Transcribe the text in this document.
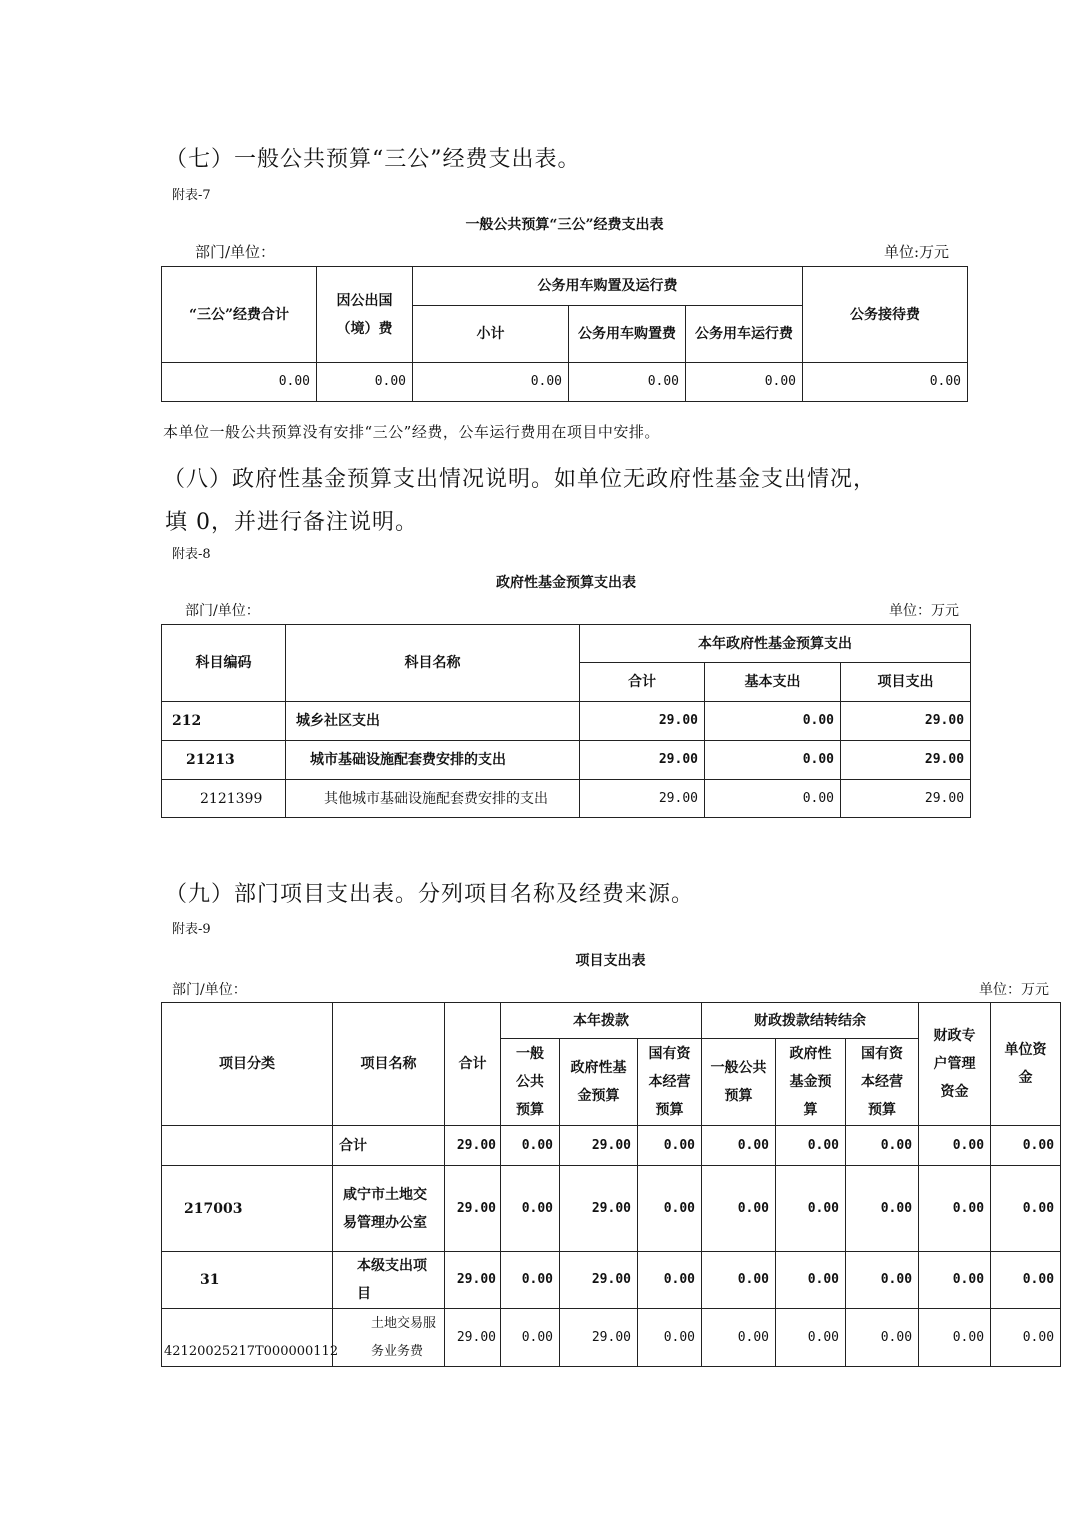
（七）一般公共预算“三公”经费支出表。
附表-7
一般公共预算“三公”经费支出表
部门/单位：	单位:万元
“三公”经费合计	因公出国（境）费	公务用车购置及运行费			公务接待费
		小计	公务用车购置费	公务用车运行费	
0.00	0.00	0.00	0.00	0.00	0.00
本单位一般公共预算没有安排“三公”经费，公车运行费用在项目中安排。
（八）政府性基金预算支出情况说明。如单位无政府性基金支出情况，
填 0，并进行备注说明。
附表-8
政府性基金预算支出表
部门/单位：	单位：万元
科目编码	科目名称	本年政府性基金预算支出		
		合计	基本支出	项目支出
212	城乡社区支出	29.00	0.00	29.00
21213	城市基础设施配套费安排的支出	29.00	0.00	29.00
2121399	其他城市基础设施配套费安排的支出	29.00	0.00	29.00
（九）部门项目支出表。分列项目名称及经费来源。
附表-9
项目支出表
部门/单位：	单位：万元
项目分类	项目名称	合计	本年拨款			财政拨款结转结余			财政专户管理资金	单位资金
			一般公共预算	政府性基金预算	国有资本经营预算	一般公共预算	政府性基金预算	国有资本经营预算		
	合计	29.00	0.00	29.00	0.00	0.00	0.00	0.00	0.00	0.00
217003	咸宁市土地交易管理办公室	29.00	0.00	29.00	0.00	0.00	0.00	0.00	0.00	0.00
31	本级支出项目	29.00	0.00	29.00	0.00	0.00	0.00	0.00	0.00	0.00
42120025217T000000112	土地交易服务业务费	29.00	0.00	29.00	0.00	0.00	0.00	0.00	0.00	0.00
